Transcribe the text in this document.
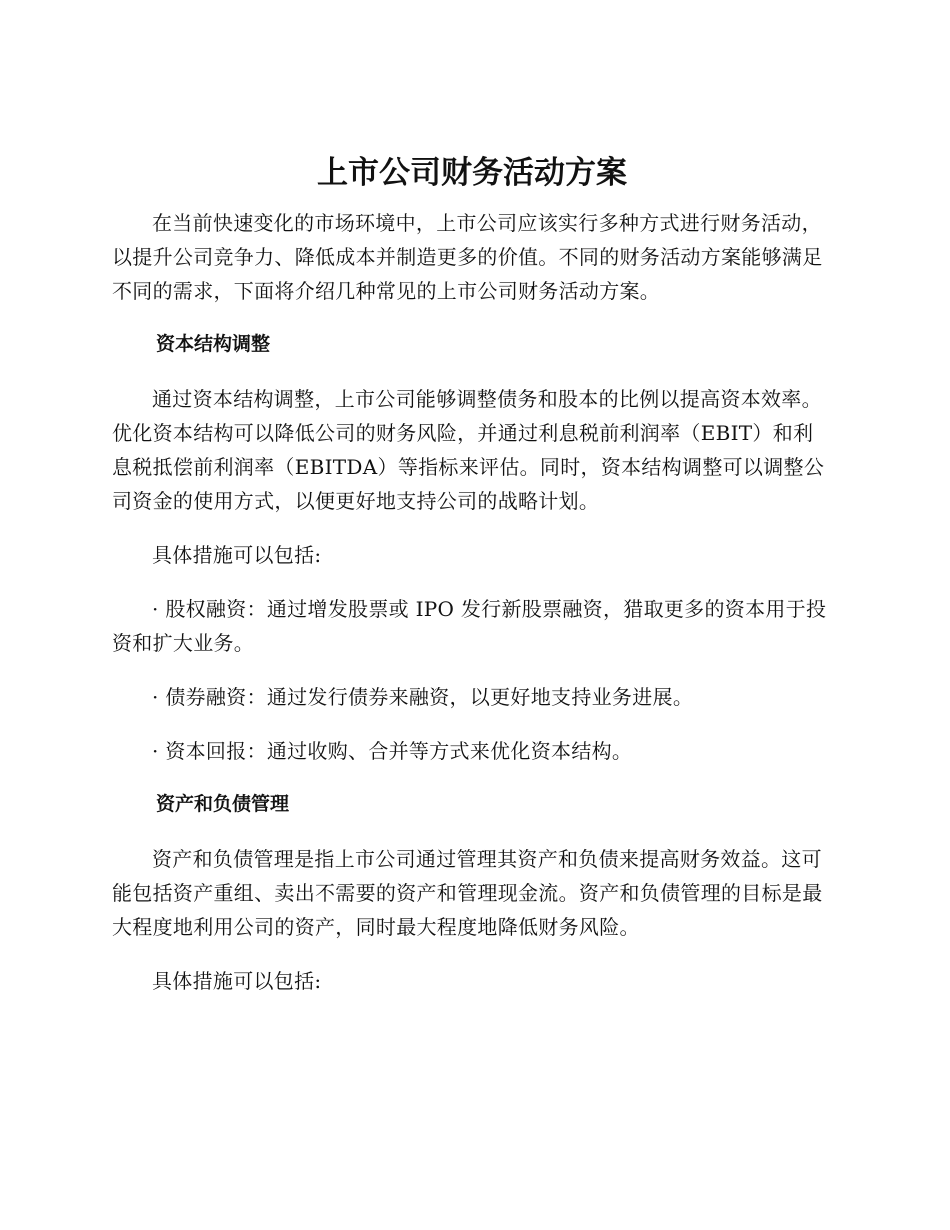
上市公司财务活动方案

在当前快速变化的市场环境中，上市公司应该实行多种方式进行财务活动，以提升公司竞争力、降低成本并制造更多的价值。不同的财务活动方案能够满足不同的需求，下面将介绍几种常见的上市公司财务活动方案。

资本结构调整

通过资本结构调整，上市公司能够调整债务和股本的比例以提高资本效率。优化资本结构可以降低公司的财务风险，并通过利息税前利润率（EBIT）和利息税抵偿前利润率（EBITDA）等指标来评估。同时，资本结构调整可以调整公司资金的使用方式，以便更好地支持公司的战略计划。

具体措施可以包括:

· 股权融资：通过增发股票或 IPO 发行新股票融资，猎取更多的资本用于投资和扩大业务。

· 债券融资：通过发行债券来融资，以更好地支持业务进展。

· 资本回报：通过收购、合并等方式来优化资本结构。

资产和负债管理

资产和负债管理是指上市公司通过管理其资产和负债来提高财务效益。这可能包括资产重组、卖出不需要的资产和管理现金流。资产和负债管理的目标是最大程度地利用公司的资产，同时最大程度地降低财务风险。

具体措施可以包括:
